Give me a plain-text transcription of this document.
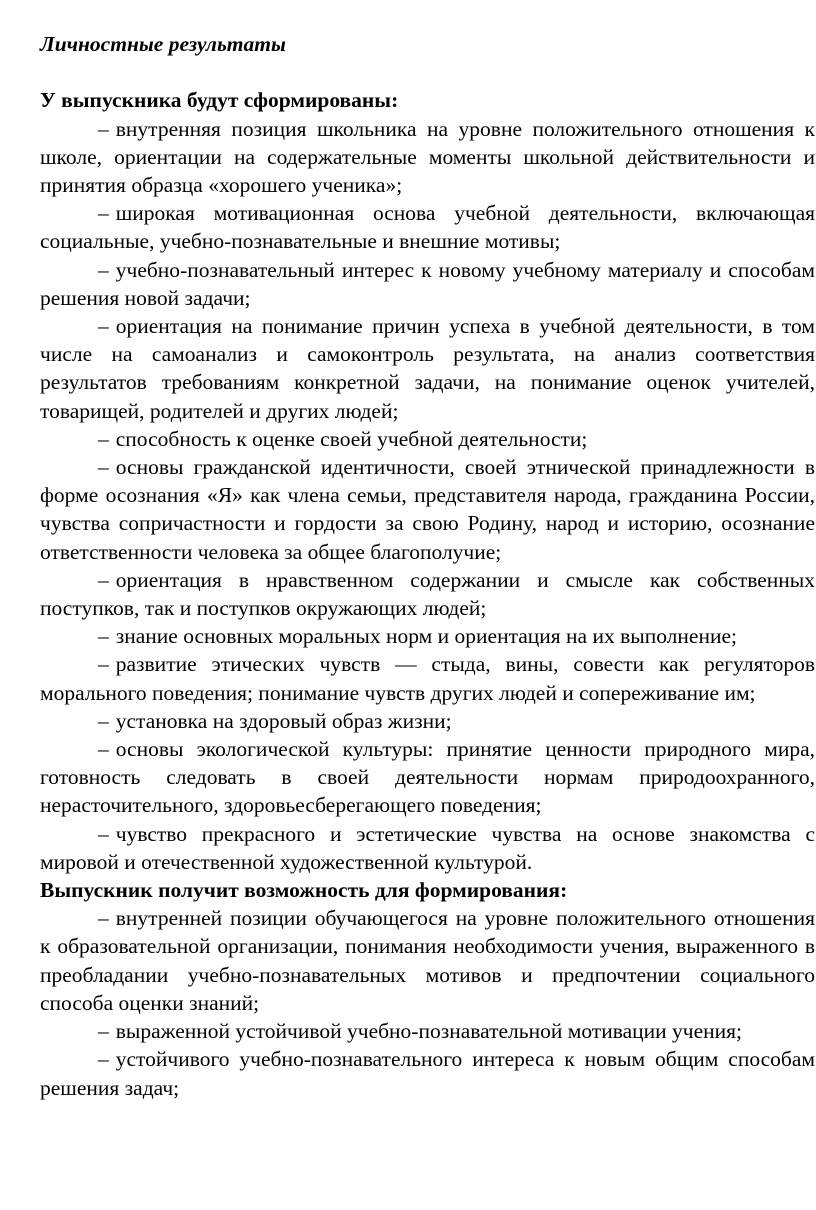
Личностные результаты

У выпускника будут сформированы:

– внутренняя позиция школьника на уровне положительного отношения к школе, ориентации на содержательные моменты школьной действительности и принятия образца «хорошего ученика»;

– широкая мотивационная основа учебной деятельности, включающая социальные, учебно-познавательные и внешние мотивы;

– учебно-познавательный интерес к новому учебному материалу и способам решения новой задачи;

– ориентация на понимание причин успеха в учебной деятельности, в том числе на самоанализ и самоконтроль результата, на анализ соответствия результатов требованиям конкретной задачи, на понимание оценок учителей, товарищей, родителей и других людей;

– способность к оценке своей учебной деятельности;

– основы гражданской идентичности, своей этнической принадлежности в форме осознания «Я» как члена семьи, представителя народа, гражданина России, чувства сопричастности и гордости за свою Родину, народ и историю, осознание ответственности человека за общее благополучие;

– ориентация в нравственном содержании и смысле как собственных поступков, так и поступков окружающих людей;

– знание основных моральных норм и ориентация на их выполнение;

– развитие этических чувств — стыда, вины, совести как регуляторов морального поведения; понимание чувств других людей и сопереживание им;

– установка на здоровый образ жизни;

– основы экологической культуры: принятие ценности природного мира, готовность следовать в своей деятельности нормам природоохранного, нерасточительного, здоровьесберегающего поведения;

– чувство прекрасного и эстетические чувства на основе знакомства с мировой и отечественной художественной культурой.

Выпускник получит возможность для формирования:

– внутренней позиции обучающегося на уровне положительного отношения к образовательной организации, понимания необходимости учения, выраженного в преобладании учебно-познавательных мотивов и предпочтении социального способа оценки знаний;

– выраженной устойчивой учебно-познавательной мотивации учения;

– устойчивого учебно-познавательного интереса к новым общим способам решения задач;
